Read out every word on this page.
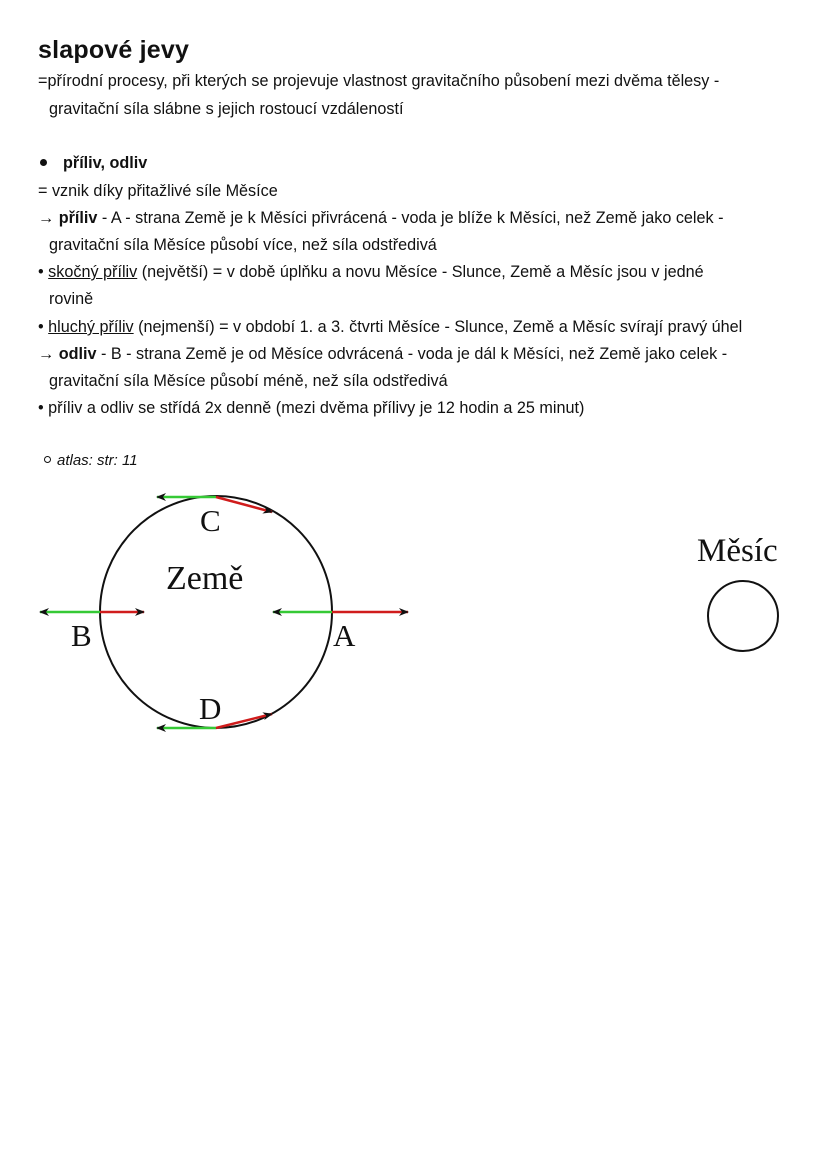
slapové jevy
=přírodní procesy, při kterých se projevuje vlastnost gravitačního působení mezi dvěma tělesy -
gravitační síla slábne s jejich rostoucí vzdáleností
příliv, odliv
= vznik díky přitažlivé síle Měsíce
→ příliv - A - strana Země je k Měsíci přivrácená - voda je blíže k Měsíci, než Země jako celek -
gravitační síla Měsíce působí více, než síla odstředivá
• skočný příliv (největší) = v době úplňku a novu Měsíce - Slunce, Země a Měsíc jsou v jedné
rovině
• hluchý příliv (nejmenší) = v období 1. a 3. čtvrti Měsíce - Slunce, Země a Měsíc svírají pravý úhel
→ odliv - B - strana Země je od Měsíce odvrácená - voda je dál k Měsíci, než Země jako celek -
gravitační síla Měsíce působí méně, než síla odstředivá
• příliv a odliv se střídá 2x denně (mezi dvěma přílivy je 12 hodin a 25 minut)
atlas: str: 11
C
Země
B	A
D
Měsíc
